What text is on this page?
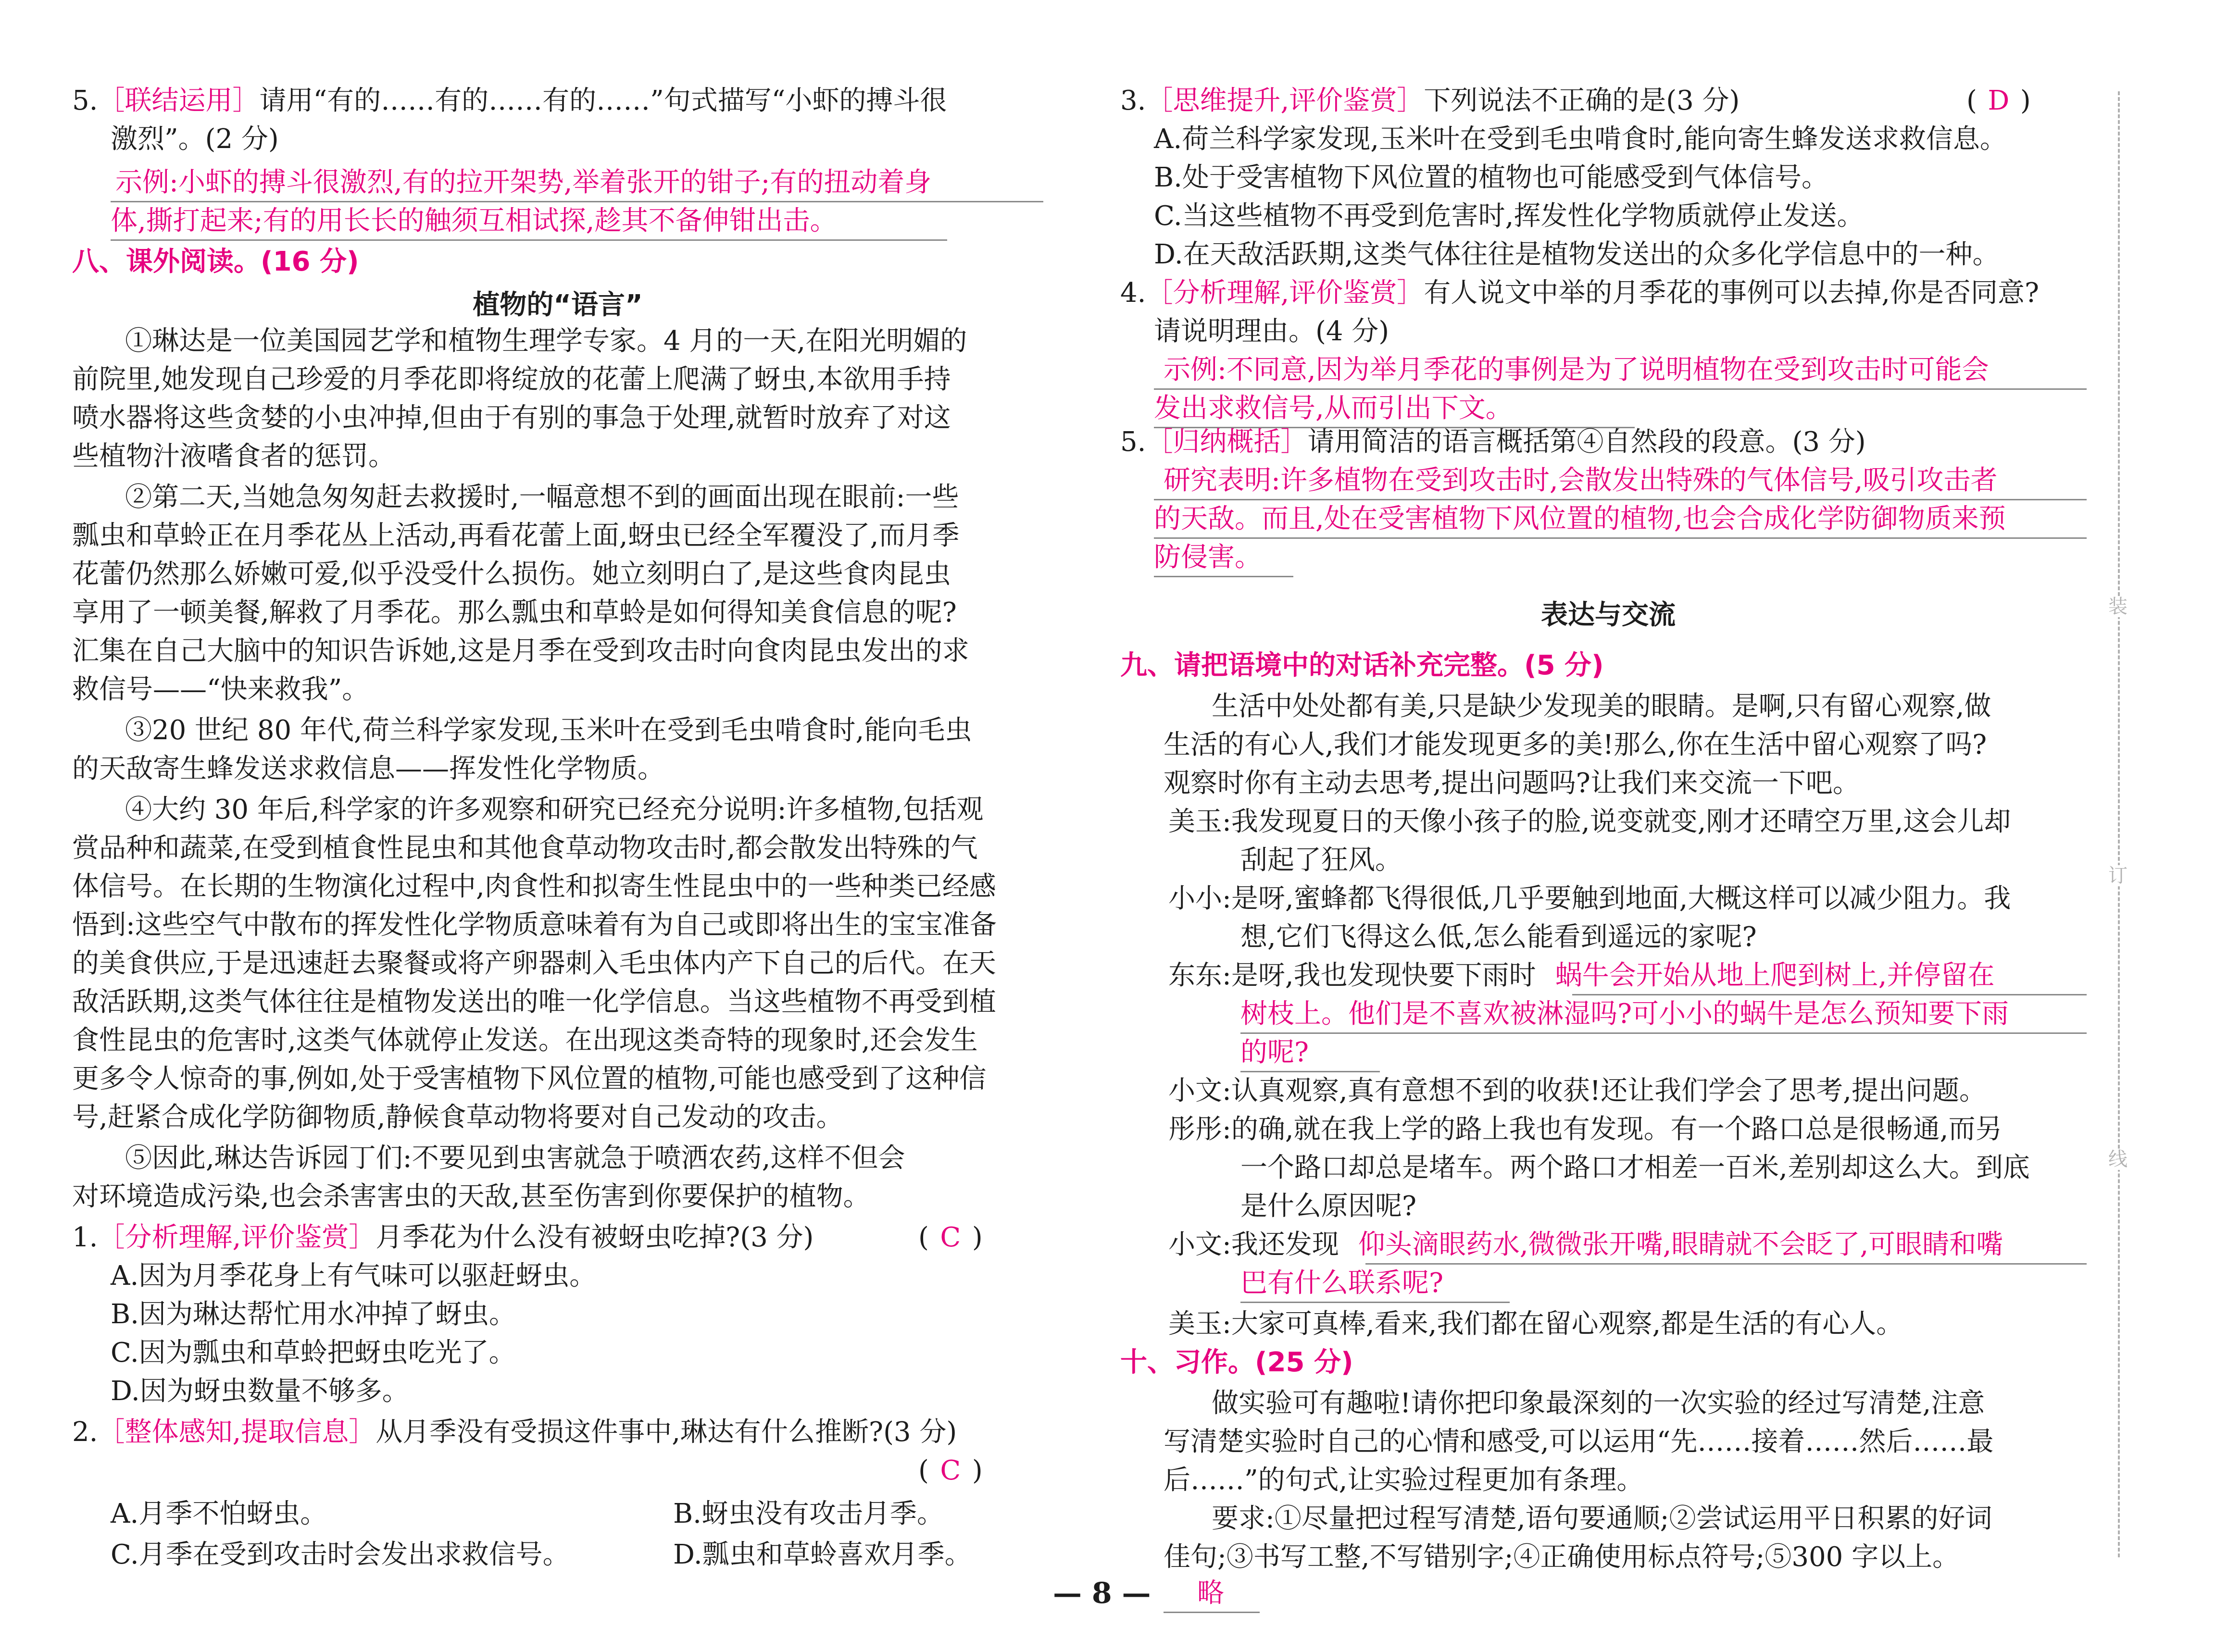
5.［联结运用］请用“有的……有的……有的……”句式描写“小虾的搏斗很
激烈”。(2 分)
示例:小虾的搏斗很激烈,有的拉开架势,举着张开的钳子;有的扭动着身
体,撕打起来;有的用长长的触须互相试探,趁其不备伸钳出击。
八、课外阅读。(16 分)
植物的“语言”
①琳达是一位美国园艺学和植物生理学专家。4 月的一天,在阳光明媚的
前院里,她发现自己珍爱的月季花即将绽放的花蕾上爬满了蚜虫,本欲用手持
喷水器将这些贪婪的小虫冲掉,但由于有别的事急于处理,就暂时放弃了对这
些植物汁液嗜食者的惩罚。
②第二天,当她急匆匆赶去救援时,一幅意想不到的画面出现在眼前:一些
瓢虫和草蛉正在月季花丛上活动,再看花蕾上面,蚜虫已经全军覆没了,而月季
花蕾仍然那么娇嫩可爱,似乎没受什么损伤。她立刻明白了,是这些食肉昆虫
享用了一顿美餐,解救了月季花。那么瓢虫和草蛉是如何得知美食信息的呢?
汇集在自己大脑中的知识告诉她,这是月季在受到攻击时向食肉昆虫发出的求
救信号——“快来救我”。
③20 世纪 80 年代,荷兰科学家发现,玉米叶在受到毛虫啃食时,能向毛虫
的天敌寄生蜂发送求救信息——挥发性化学物质。
④大约 30 年后,科学家的许多观察和研究已经充分说明:许多植物,包括观
赏品种和蔬菜,在受到植食性昆虫和其他食草动物攻击时,都会散发出特殊的气
体信号。在长期的生物演化过程中,肉食性和拟寄生性昆虫中的一些种类已经感
悟到:这些空气中散布的挥发性化学物质意味着有为自己或即将出生的宝宝准备
的美食供应,于是迅速赶去聚餐或将产卵器刺入毛虫体内产下自己的后代。在天
敌活跃期,这类气体往往是植物发送出的唯一化学信息。当这些植物不再受到植
食性昆虫的危害时,这类气体就停止发送。在出现这类奇特的现象时,还会发生
更多令人惊奇的事,例如,处于受害植物下风位置的植物,可能也感受到了这种信
号,赶紧合成化学防御物质,静候食草动物将要对自己发动的攻击。
⑤因此,琳达告诉园丁们:不要见到虫害就急于喷洒农药,这样不但会
对环境造成污染,也会杀害害虫的天敌,甚至伤害到你要保护的植物。
1.［分析理解,评价鉴赏］月季花为什么没有被蚜虫吃掉?(3 分)	( C )
A.因为月季花身上有气味可以驱赶蚜虫。
B.因为琳达帮忙用水冲掉了蚜虫。
C.因为瓢虫和草蛉把蚜虫吃光了。
D.因为蚜虫数量不够多。
2.［整体感知,提取信息］从月季没有受损这件事中,琳达有什么推断?(3 分)
( C )
A.月季不怕蚜虫。	B.蚜虫没有攻击月季。
C.月季在受到攻击时会发出求救信号。	D.瓢虫和草蛉喜欢月季。
3.［思维提升,评价鉴赏］下列说法不正确的是(3 分)	( D )
A.荷兰科学家发现,玉米叶在受到毛虫啃食时,能向寄生蜂发送求救信息。
B.处于受害植物下风位置的植物也可能感受到气体信号。
C.当这些植物不再受到危害时,挥发性化学物质就停止发送。
D.在天敌活跃期,这类气体往往是植物发送出的众多化学信息中的一种。
4.［分析理解,评价鉴赏］有人说文中举的月季花的事例可以去掉,你是否同意?
请说明理由。(4 分)
示例:不同意,因为举月季花的事例是为了说明植物在受到攻击时可能会
发出求救信号,从而引出下文。
5.［归纳概括］请用简洁的语言概括第④自然段的段意。(3 分)
研究表明:许多植物在受到攻击时,会散发出特殊的气体信号,吸引攻击者
的天敌。而且,处在受害植物下风位置的植物,也会合成化学防御物质来预
防侵害。
表达与交流
九、请把语境中的对话补充完整。(5 分)
生活中处处都有美,只是缺少发现美的眼睛。是啊,只有留心观察,做
生活的有心人,我们才能发现更多的美!那么,你在生活中留心观察了吗?
观察时你有主动去思考,提出问题吗?让我们来交流一下吧。
美玉:我发现夏日的天像小孩子的脸,说变就变,刚才还晴空万里,这会儿却
刮起了狂风。
小小:是呀,蜜蜂都飞得很低,几乎要触到地面,大概这样可以减少阻力。我
想,它们飞得这么低,怎么能看到遥远的家呢?
东东:是呀,我也发现快要下雨时 蜗牛会开始从地上爬到树上,并停留在
树枝上。他们是不喜欢被淋湿吗?可小小的蜗牛是怎么预知要下雨
的呢?
小文:认真观察,真有意想不到的收获!还让我们学会了思考,提出问题。
彤彤:的确,就在我上学的路上我也有发现。有一个路口总是很畅通,而另
一个路口却总是堵车。两个路口才相差一百米,差别却这么大。到底
是什么原因呢?
小文:我还发现 仰头滴眼药水,微微张开嘴,眼睛就不会眨了,可眼睛和嘴
巴有什么联系呢?
美玉:大家可真棒,看来,我们都在留心观察,都是生活的有心人。
十、习作。(25 分)
做实验可有趣啦!请你把印象最深刻的一次实验的经过写清楚,注意
写清楚实验时自己的心情和感受,可以运用“先……接着……然后……最
后……”的句式,让实验过程更加有条理。
要求:①尽量把过程写清楚,语句要通顺;②尝试运用平日积累的好词
佳句;③书写工整,不写错别字;④正确使用标点符号;⑤300 字以上。
略
装
订
线
— 8 —
